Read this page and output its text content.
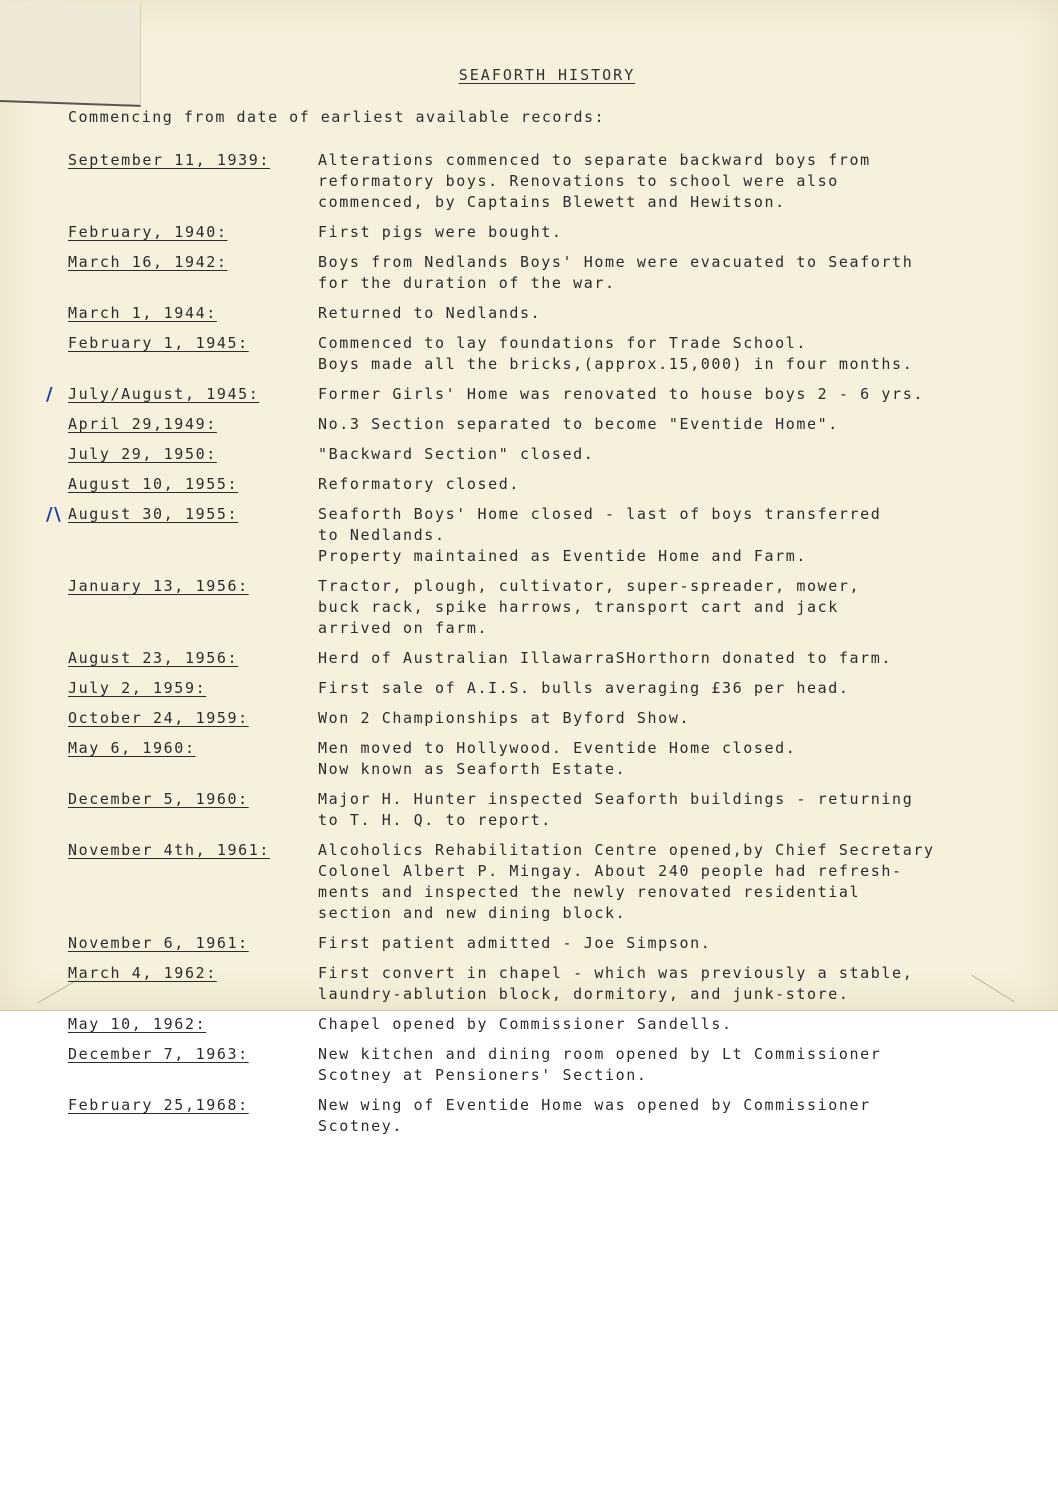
SEAFORTH HISTORY
Commencing from date of earliest available records:
September 11, 1939:	Alterations commenced to separate backward boys from
reformatory boys. Renovations to school were also
commenced, by Captains Blewett and Hewitson.
February, 1940:	First pigs were bought.
March 16, 1942:	Boys from Nedlands Boys' Home were evacuated to Seaforth
for the duration of the war.
March 1, 1944:	Returned to Nedlands.
February 1, 1945:	Commenced to lay foundations for Trade School.
Boys made all the bricks,(approx.15,000) in four months.
/ July/August, 1945:	Former Girls' Home was renovated to house boys 2 - 6 yrs.
April 29,1949:	No.3 Section separated to become "Eventide Home".
July 29, 1950:	"Backward Section" closed.
August 10, 1955:	Reformatory closed.
/\ August 30, 1955:	Seaforth Boys' Home closed - last of boys transferred
to Nedlands.
Property maintained as Eventide Home and Farm.
January 13, 1956:	Tractor, plough, cultivator, super-spreader, mower,
buck rack, spike harrows, transport cart and jack
arrived on farm.
August 23, 1956:	Herd of Australian IllawarraSHorthorn donated to farm.
July 2, 1959:	First sale of A.I.S. bulls averaging £36 per head.
October 24, 1959:	Won 2 Championships at Byford Show.
May 6, 1960:	Men moved to Hollywood. Eventide Home closed.
Now known as Seaforth Estate.
December 5, 1960:	Major H. Hunter inspected Seaforth buildings - returning
to T. H. Q. to report.
November 4th, 1961:	Alcoholics Rehabilitation Centre opened,by Chief Secretary
Colonel Albert P. Mingay. About 240 people had refresh-
ments and inspected the newly renovated residential
section and new dining block.
November 6, 1961:	First patient admitted - Joe Simpson.
March 4, 1962:	First convert in chapel - which was previously a stable,
laundry-ablution block, dormitory, and junk-store.
May 10, 1962:	Chapel opened by Commissioner Sandells.
December 7, 1963:	New kitchen and dining room opened by Lt Commissioner
Scotney at Pensioners' Section.
February 25,1968:	New wing of Eventide Home was opened by Commissioner
Scotney.
